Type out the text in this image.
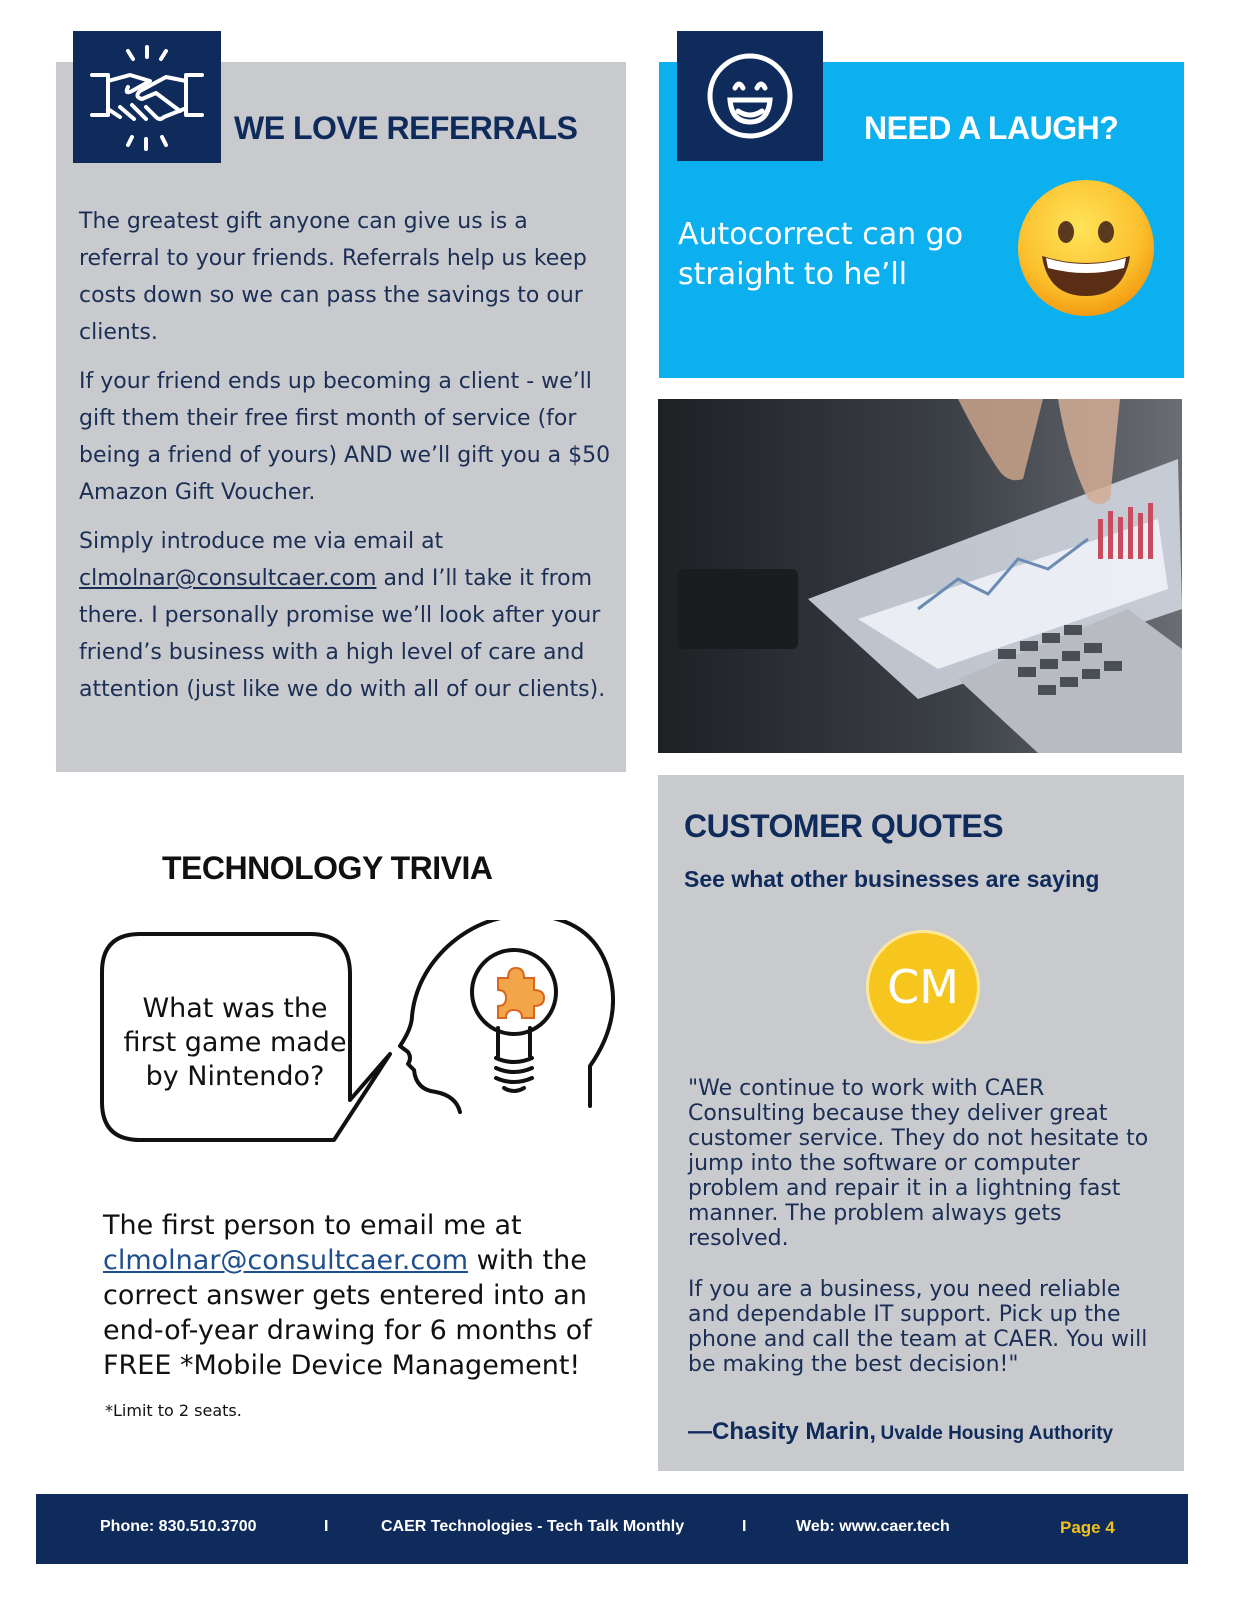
WE LOVE REFERRALS

The greatest gift anyone can give us is a referral to your friends. Referrals help us keep costs down so we can pass the savings to our clients.

If your friend ends up becoming a client - we’ll gift them their free first month of service (for being a friend of yours) AND we’ll gift you a $50 Amazon Gift Voucher.

Simply introduce me via email at clmolnar@consultcaer.com and I’ll take it from there. I personally promise we’ll look after your friend’s business with a high level of care and attention (just like we do with all of our clients).

NEED A LAUGH?
Autocorrect can go straight to he’ll
CUSTOMER QUOTES
See what other businesses are saying
CM

"We continue to work with CAER Consulting because they deliver great customer service. They do not hesitate to jump into the software or computer problem and repair it in a lightning fast manner. The problem always gets resolved.

If you are a business, you need reliable and dependable IT support. Pick up the phone and call the team at CAER. You will be making the best decision!"

—Chasity Marin, Uvalde Housing Authority
TECHNOLOGY TRIVIA
What was the first game made by Nintendo?
The first person to email me at clmolnar@consultcaer.com with the correct answer gets entered into an end-of-year drawing for 6 months of FREE *Mobile Device Management!
*Limit to 2 seats.
Phone: 830.510.3700	I	CAER Technologies - Tech Talk Monthly	I	Web: www.caer.tech	Page 4
